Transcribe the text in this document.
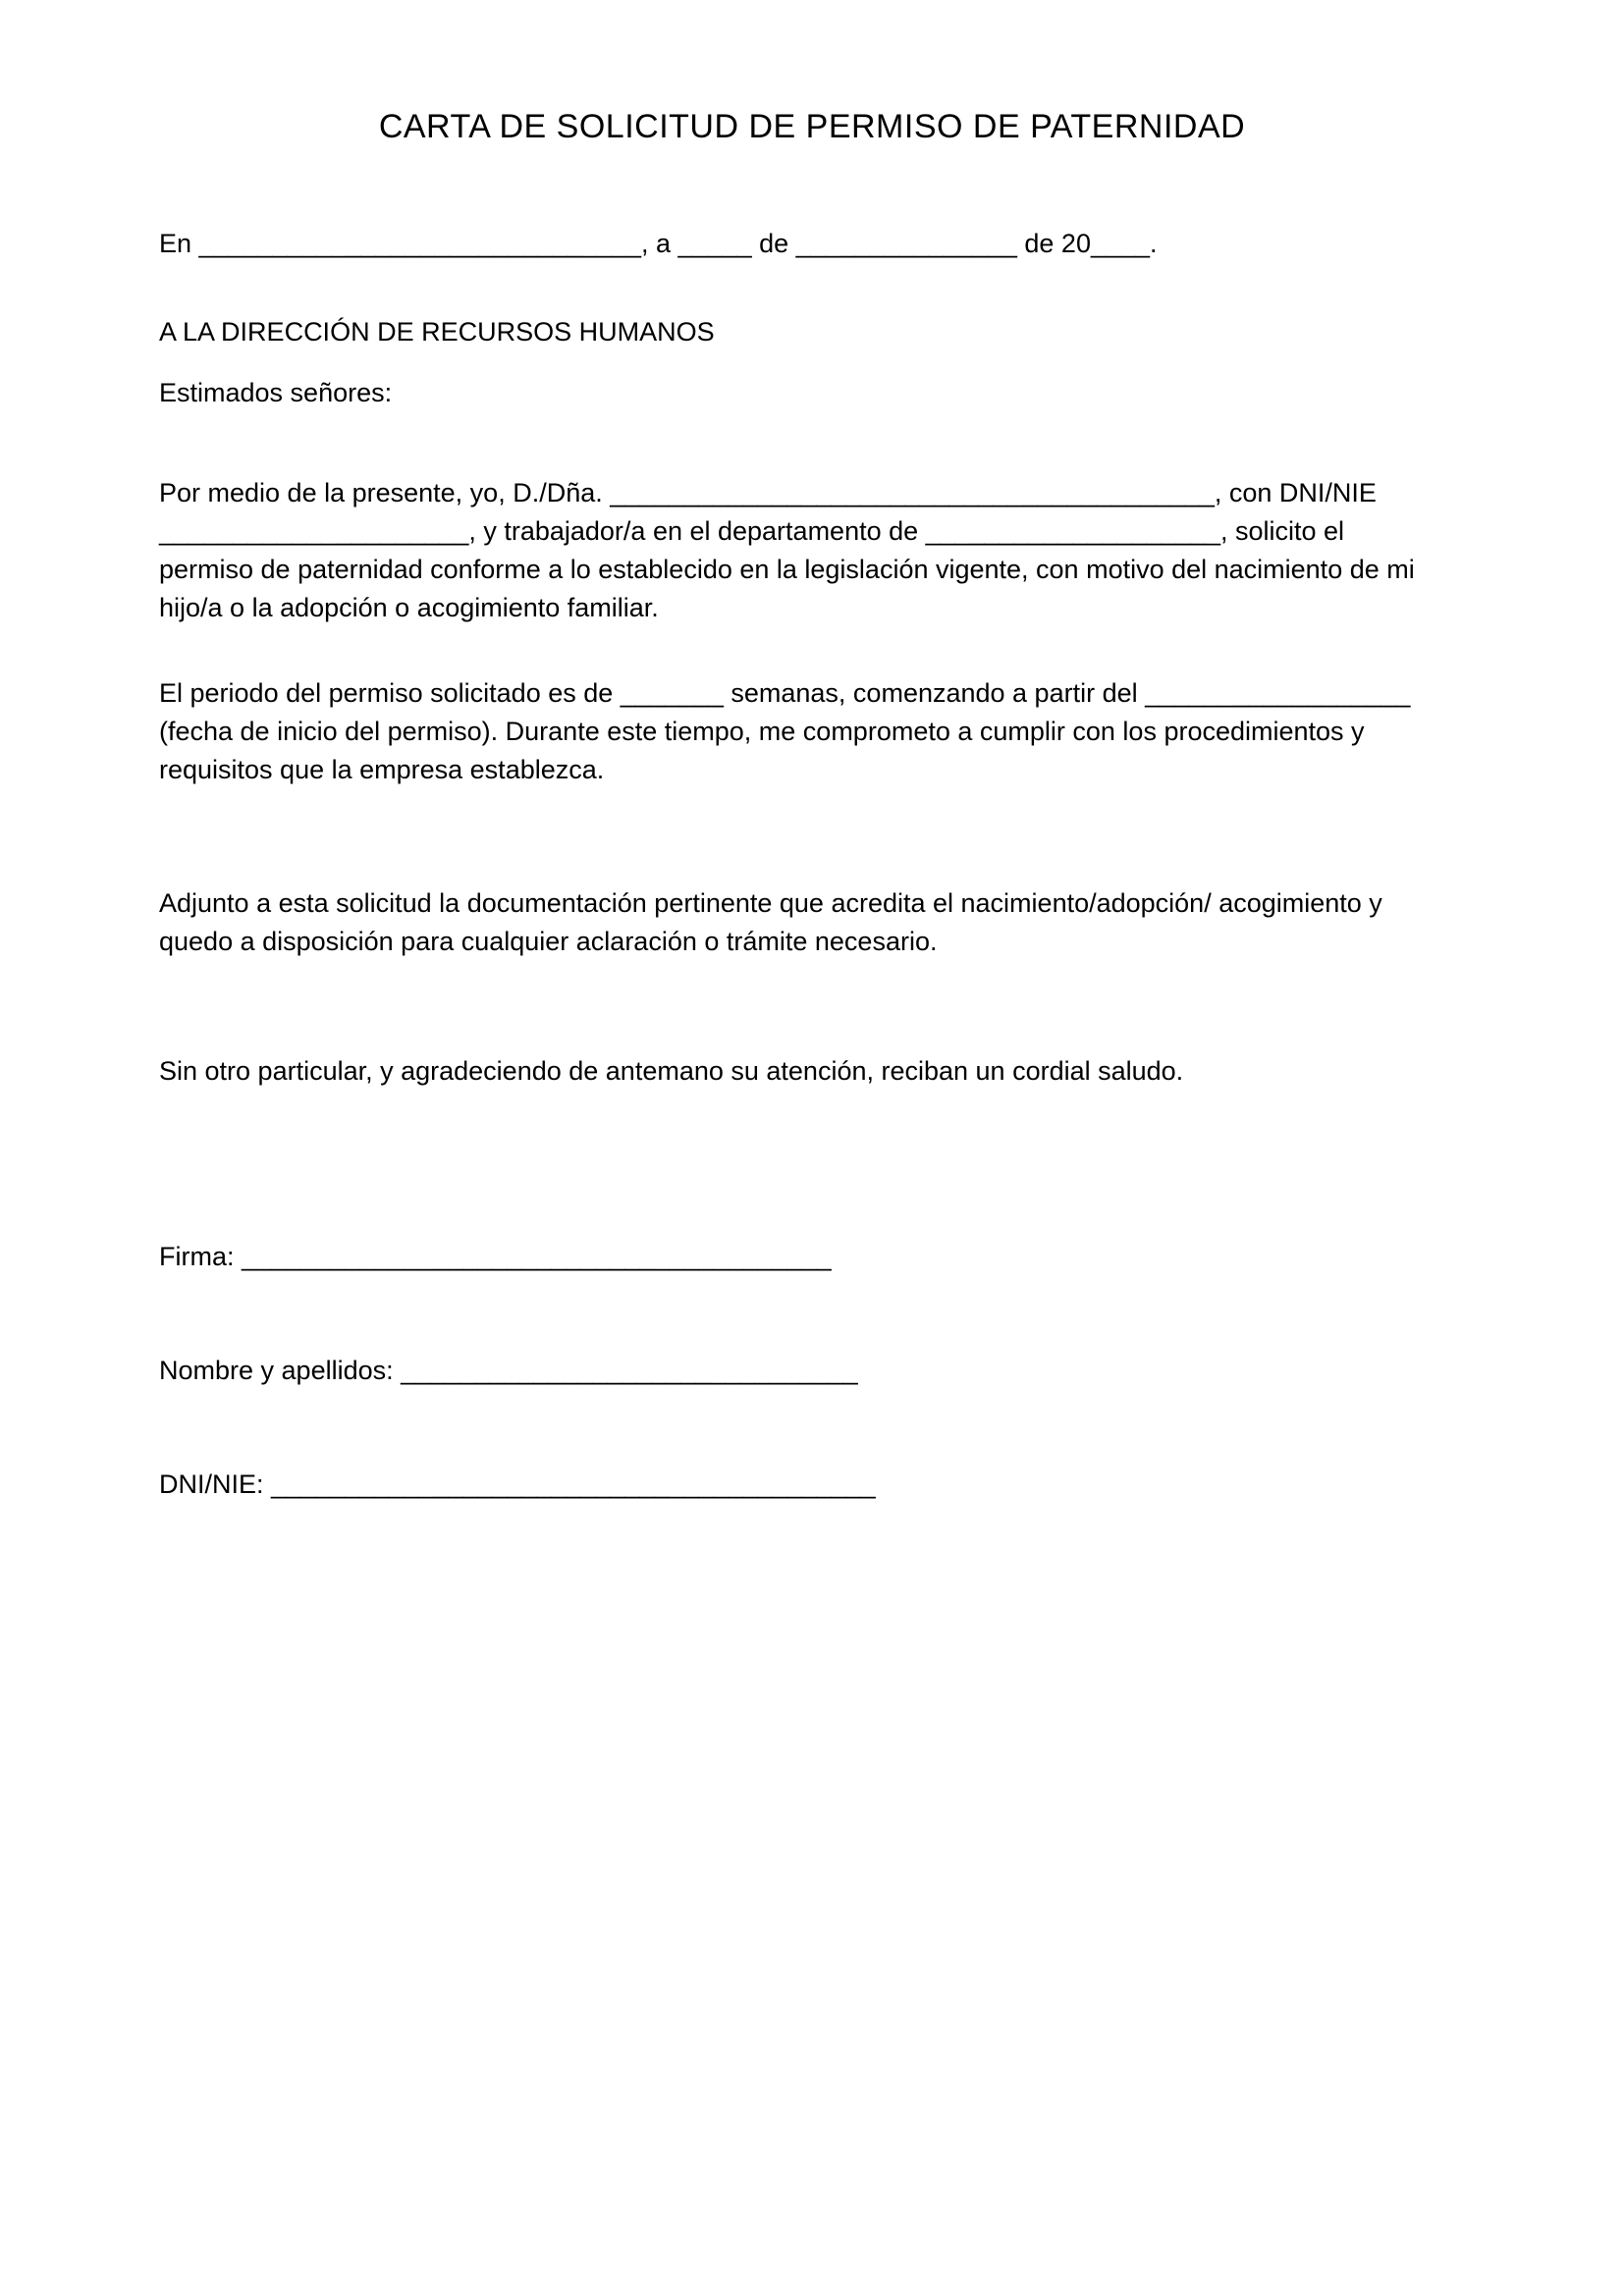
CARTA DE SOLICITUD DE PERMISO DE PATERNIDAD
En ______________________________, a _____ de _______________ de 20____.
A LA DIRECCIÓN DE RECURSOS HUMANOS
Estimados señores:
Por medio de la presente, yo, D./Dña. _________________________________________, con DNI/NIE
_____________________, y trabajador/a en el departamento de ____________________, solicito el
permiso de paternidad conforme a lo establecido en la legislación vigente, con motivo del nacimiento de mi
hijo/a o la adopción o acogimiento familiar.
El periodo del permiso solicitado es de _______ semanas, comenzando a partir del __________________
(fecha de inicio del permiso). Durante este tiempo, me comprometo a cumplir con los procedimientos y
requisitos que la empresa establezca.
Adjunto a esta solicitud la documentación pertinente que acredita el nacimiento/adopción/ acogimiento y
quedo a disposición para cualquier aclaración o trámite necesario.
Sin otro particular, y agradeciendo de antemano su atención, reciban un cordial saludo.
Firma: ________________________________________
Nombre y apellidos: _______________________________
DNI/NIE: _________________________________________
